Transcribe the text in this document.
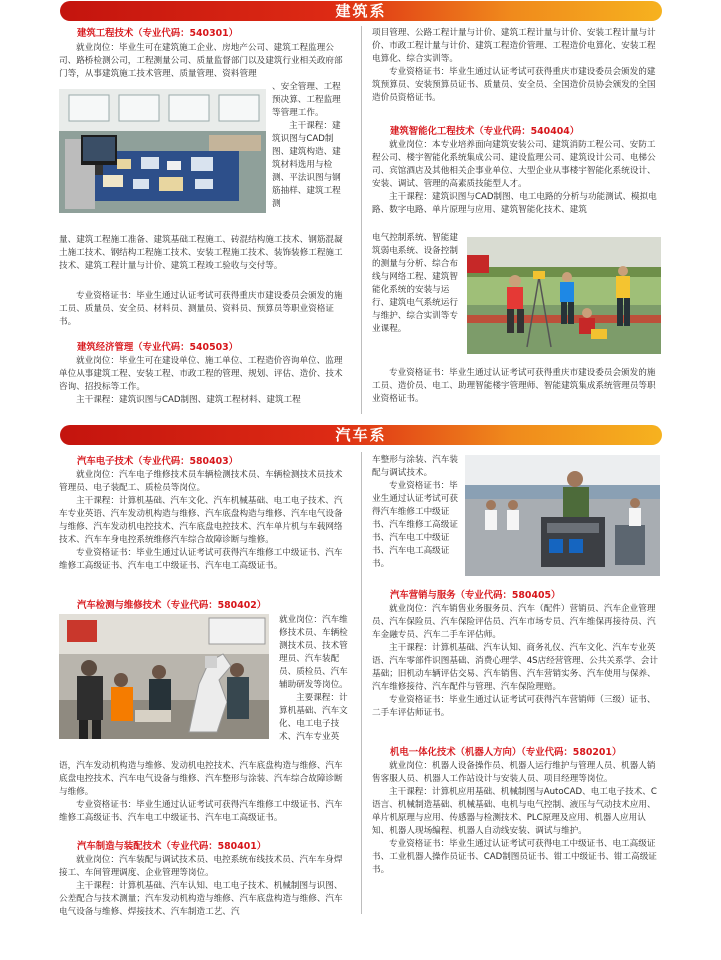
建筑系
汽车系
建筑工程技术（专业代码：540301）

就业岗位：毕业生可在建筑施工企业、房地产公司、建筑工程监理公司、路桥检测公司，工程测量公司、质量监督部门以及建筑行业相关政府部门等，从事建筑施工技术管理、质量管理、资料管理

、安全管理、工程预决算、工程监理等管理工作。

主干课程：建筑识图与CAD制图、建筑构造、建筑材料选用与检测、平法识图与钢筋抽样、建筑工程测

量、建筑工程施工准备、建筑基础工程施工、砖混结构施工技术、钢筋混凝土施工技术、钢结构工程施工技术、安装工程施工技术、装饰装修工程施工技术、建筑工程计量与计价、建筑工程竣工验收与交付等。

专业资格证书：毕业生通过认证考试可获得重庆市建设委员会颁发的施工员、质量员、安全员、材料员、测量员、资料员、预算员等职业资格证书。

建筑经济管理（专业代码：540503）

就业岗位：毕业生可在建设单位、施工单位、工程造价咨询单位、监理单位从事建筑工程、安装工程、市政工程的管理、规划、评估、造价、技术咨询、招投标等工作。

主干课程：建筑识图与CAD制图、建筑工程材料、建筑工程

项目管理、公路工程计量与计价、建筑工程计量与计价、安装工程计量与计价、市政工程计量与计价、建筑工程造价管理、工程造价电算化、安装工程电算化、综合实训等。

专业资格证书：毕业生通过认证考试可获得重庆市建设委员会颁发的建筑预算员、安装预算员证书、质量员、安全员、全国造价员协会颁发的全国造价员资格证书。

建筑智能化工程技术（专业代码：540404）

就业岗位：本专业培养面向建筑安装公司、建筑消防工程公司、安防工程公司、楼宇智能化系统集成公司、建设监理公司、建筑设计公司、电梯公司、宾馆酒店及其他相关企事业单位、大型企业从事楼宇智能化系统设计、安装、调试、管理的高素质技能型人才。

主干课程：建筑识图与CAD制图、电工电路的分析与功能测试、模拟电路、数字电路、单片原理与应用、建筑智能化技术、建筑

电气控制系统、智能建筑弱电系统、设备控制的测量与分析、综合布线与网络工程、建筑智能化系统的安装与运行、建筑电气系统运行与维护、综合实训等专业课程。

专业资格证书：毕业生通过认证考试可获得重庆市建设委员会颁发的施工员、造价员、电工、助理智能楼宇管理师、智能建筑集成系统管理员等职业资格证书。

汽车电子技术（专业代码：580403）

就业岗位：汽车电子维修技术员车辆检测技术员、车辆检测技术员技术管理员、电子装配工、质检员等岗位。

主干课程：计算机基础、汽车文化、汽车机械基础、电工电子技术、汽车专业英语、汽车发动机构造与维修、汽车底盘构造与维修、汽车电气设备与维修、汽车发动机电控技术、汽车底盘电控技术、汽车单片机与车载网络技术、汽车车身电控系统维修汽车综合故障诊断与维修。

专业资格证书：毕业生通过认证考试可获得汽车维修工中级证书、汽车维修工高级证书、汽车电工中级证书、汽车电工高级证书。

汽车检测与维修技术（专业代码：580402）

就业岗位：汽车维修技术员、车辆检测技术员、技术管理员、汽车装配员、质检员、汽车辅助研发等岗位。

主要课程：计算机基础、汽车文化、电工电子技术、汽车专业英

语，汽车发动机构造与维修、发动机电控技术、汽车底盘构造与维修、汽车底盘电控技术、汽车电气设备与维修、汽车整形与涂装、汽车综合故障诊断与维修。

专业资格证书：毕业生通过认证考试可获得汽车维修工中级证书、汽车维修工高级证书、汽车电工中级证书、汽车电工高级证书。

汽车制造与装配技术（专业代码：580401）

就业岗位：汽车装配与调试技术员、电控系统布线技术员、汽车车身焊接工、车间管理调度、企业管理等岗位。

主干课程：计算机基础、汽车认知、电工电子技术、机械制图与识图、公差配合与技术测量；汽车发动机构造与维修、汽车底盘构造与维修、汽车电气设备与维修、焊接技术、汽车制造工艺、汽

车整形与涂装、汽车装配与调试技术。

专业资格证书：毕业生通过认证考试可获得汽车维修工中级证书、汽车维修工高级证书、汽车电工中级证书、汽车电工高级证书。

汽车营销与服务（专业代码：580405）

就业岗位：汽车销售业务服务员、汽车（配件）营销员、汽车企业管理员、汽车保险员、汽车保险评估员、汽车市场专员、汽车维保再接待员、汽车金融专员、汽车二手车评估师。

主干课程：计算机基础、汽车认知、商务礼仪、汽车文化、汽车专业英语、汽车零部件识图基础、消费心理学、4S店经营管理、公共关系学、会计基础；旧机动车辆评估交易、汽车销售、汽车营销实务、汽车使用与保养、汽车维修接待、汽车配件与管理、汽车保险理赔。

专业资格证书：毕业生通过认证考试可获得汽车营销师（三级）证书、二手车评估师证书。

机电一体化技术（机器人方向）（专业代码：580201）

就业岗位：机器人设备操作员、机器人运行维护与管理人员、机器人销售客服人员、机器人工作站设计与安装人员、项目经理等岗位。

主干课程：计算机应用基础、机械制图与AutoCAD、电工电子技术、C语言、机械制造基础、机械基础、电机与电气控制、液压与气动技术应用、单片机原理与应用、传感器与检测技术、PLC原理及应用、机器人应用认知、机器人现场编程、机器人自动线安装、调试与维护。

专业资格证书：毕业生通过认证考试可获得电工中级证书、电工高级证书、工业机器人操作员证书、CAD制图员证书、钳工中级证书、钳工高级证书。
